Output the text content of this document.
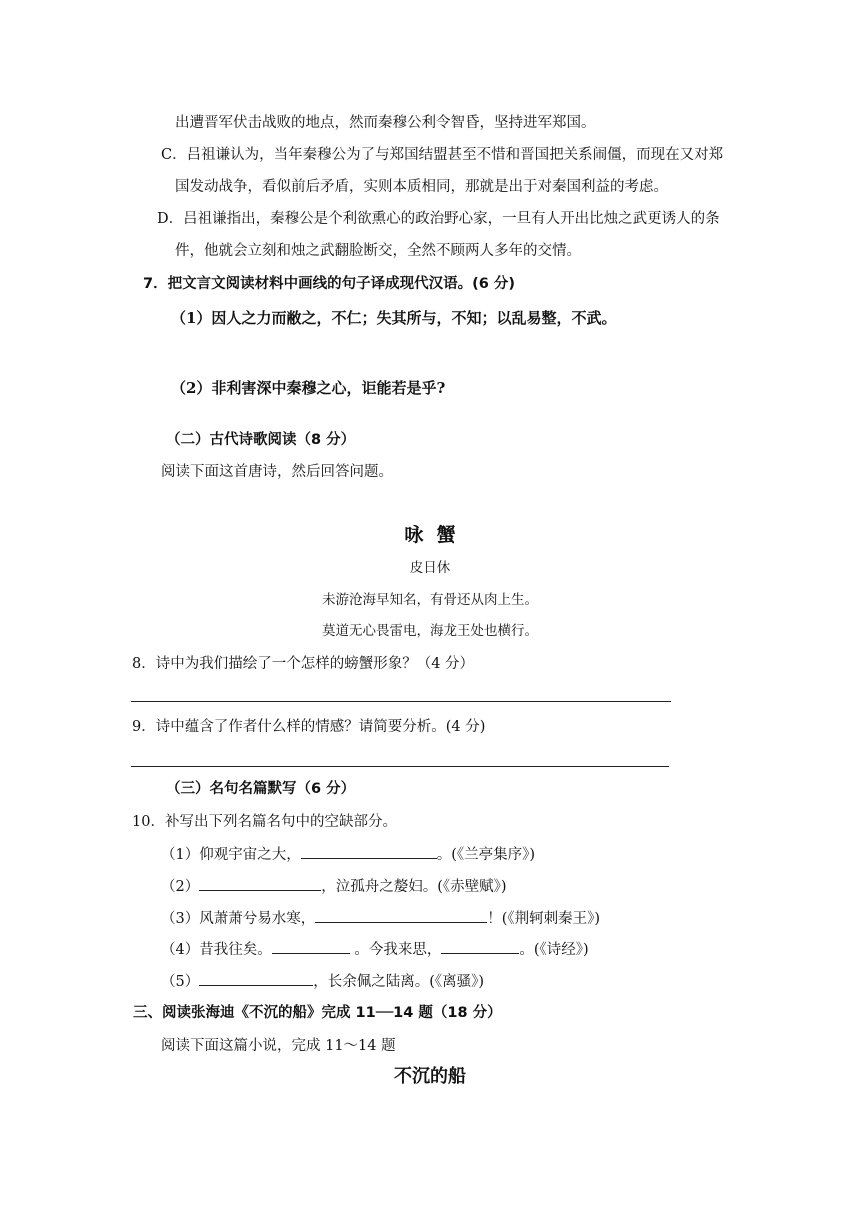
出遭晋军伏击战败的地点，然而秦穆公利令智昏，坚持进军郑国。
C．吕祖谦认为，当年秦穆公为了与郑国结盟甚至不惜和晋国把关系闹僵，而现在又对郑
国发动战争，看似前后矛盾，实则本质相同，那就是出于对秦国利益的考虑。
D．吕祖谦指出，秦穆公是个利欲熏心的政治野心家，一旦有人开出比烛之武更诱人的条
件，他就会立刻和烛之武翻脸断交，全然不顾两人多年的交情。
7．把文言文阅读材料中画线的句子译成现代汉语。(6 分)
（1）因人之力而敝之，不仁；失其所与，不知；以乱易整，不武。
（2）非利害深中秦穆之心，讵能若是乎?
（二）古代诗歌阅读（8 分）
阅读下面这首唐诗，然后回答问题。
咏  蟹
皮日休
未游沧海早知名，有骨还从肉上生。
莫道无心畏雷电，海龙王处也横行。
8．诗中为我们描绘了一个怎样的螃蟹形象？（4 分）
9．诗中蕴含了作者什么样的情感？请简要分析。(4 分)
（三）名句名篇默写（6 分）
10．补写出下列名篇名句中的空缺部分。
（1）仰观宇宙之大，	。(《兰亭集序》)
（2）	，泣孤舟之嫠妇。(《赤壁赋》)
（3）风萧萧兮易水寒，	！(《荆轲刺秦王》)
（4）昔我往矣。	。今我来思，	。(《诗经》)
（5）	，长余佩之陆离。(《离骚》)
三、阅读张海迪《不沉的船》完成 11──14 题（18 分）
阅读下面这篇小说，完成 11～14 题
不沉的船
